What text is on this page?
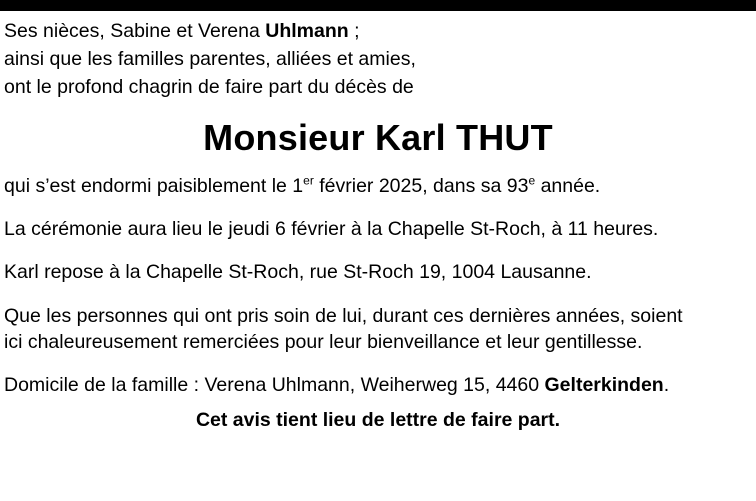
Ses nièces, Sabine et Verena Uhlmann ;
ainsi que les familles parentes, alliées et amies,
ont le profond chagrin de faire part du décès de
Monsieur Karl THUT
qui s’est endormi paisiblement le 1er février 2025, dans sa 93e année.
La cérémonie aura lieu le jeudi 6 février à la Chapelle St-Roch, à 11 heures.
Karl repose à la Chapelle St-Roch, rue St-Roch 19, 1004 Lausanne.
Que les personnes qui ont pris soin de lui, durant ces dernières années, soient
ici chaleureusement remerciées pour leur bienveillance et leur gentillesse.
Domicile de la famille : Verena Uhlmann, Weiherweg 15, 4460 Gelterkinden.
Cet avis tient lieu de lettre de faire part.
